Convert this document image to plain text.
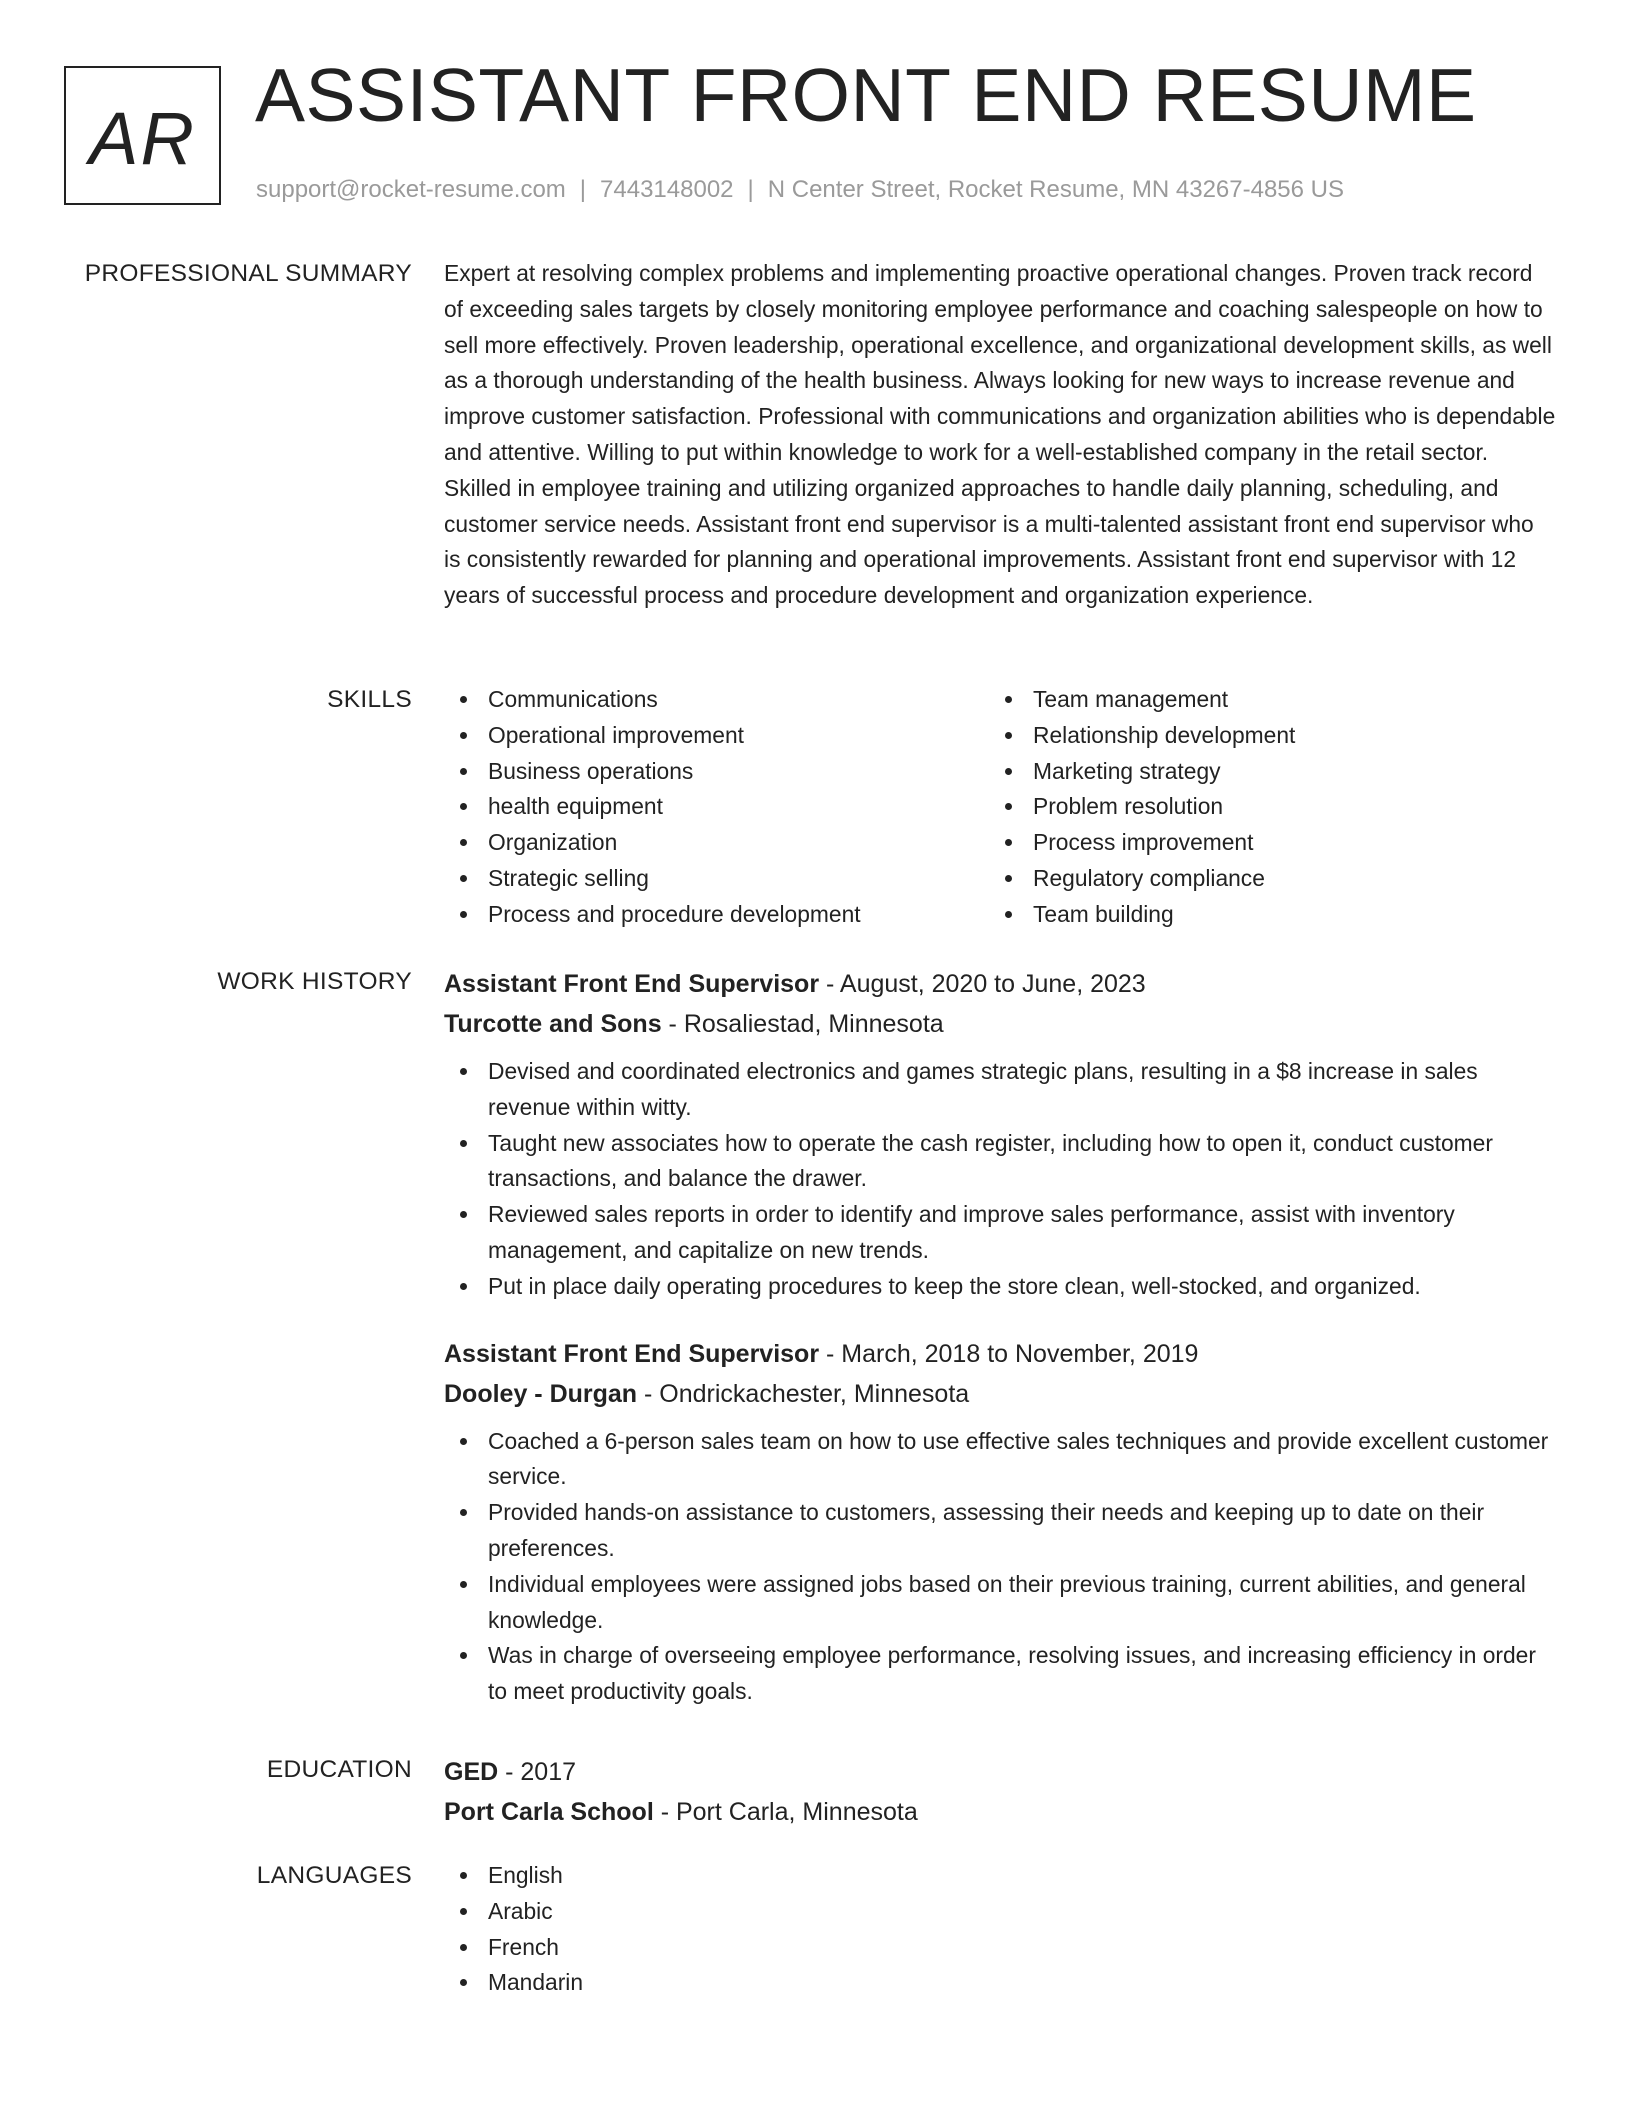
AR
ASSISTANT FRONT END RESUME
support@rocket-resume.com | 7443148002 | N Center Street, Rocket Resume, MN 43267-4856 US
PROFESSIONAL SUMMARY Expert at resolving complex problems and implementing proactive operational changes. Proven track record of exceeding sales targets by closely monitoring employee performance and coaching salespeople on how to sell more effectively. Proven leadership, operational excellence, and organizational development skills, as well as a thorough understanding of the health business. Always looking for new ways to increase revenue and improve customer satisfaction. Professional with communications and organization abilities who is dependable and attentive. Willing to put within knowledge to work for a well-established company in the retail sector. Skilled in employee training and utilizing organized approaches to handle daily planning, scheduling, and customer service needs. Assistant front end supervisor is a multi-talented assistant front end supervisor who is consistently rewarded for planning and operational improvements. Assistant front end supervisor with 12 years of successful process and procedure development and organization experience.

SKILLS	Communications
Operational improvement
Business operations
health equipment
Organization
Strategic selling
Process and procedure development
Team management
Relationship development
Marketing strategy
Problem resolution
Process improvement
Regulatory compliance
Team building
WORK HISTORY Assistant Front End Supervisor - August, 2020 to June, 2023
Turcotte and Sons - Rosaliestad, Minnesota
Devised and coordinated electronics and games strategic plans, resulting in a $8 increase in sales revenue within witty.
Taught new associates how to operate the cash register, including how to open it, conduct customer transactions, and balance the drawer.
Reviewed sales reports in order to identify and improve sales performance, assist with inventory management, and capitalize on new trends.
Put in place daily operating procedures to keep the store clean, well-stocked, and organized.
Assistant Front End Supervisor - March, 2018 to November, 2019
Dooley - Durgan - Ondrickachester, Minnesota
Coached a 6-person sales team on how to use effective sales techniques and provide excellent customer service.
Provided hands-on assistance to customers, assessing their needs and keeping up to date on their preferences.
Individual employees were assigned jobs based on their previous training, current abilities, and general knowledge.
Was in charge of overseeing employee performance, resolving issues, and increasing efficiency in order to meet productivity goals.
EDUCATION GED - 2017
Port Carla School - Port Carla, Minnesota
LANGUAGES	English
Arabic
French
Mandarin
